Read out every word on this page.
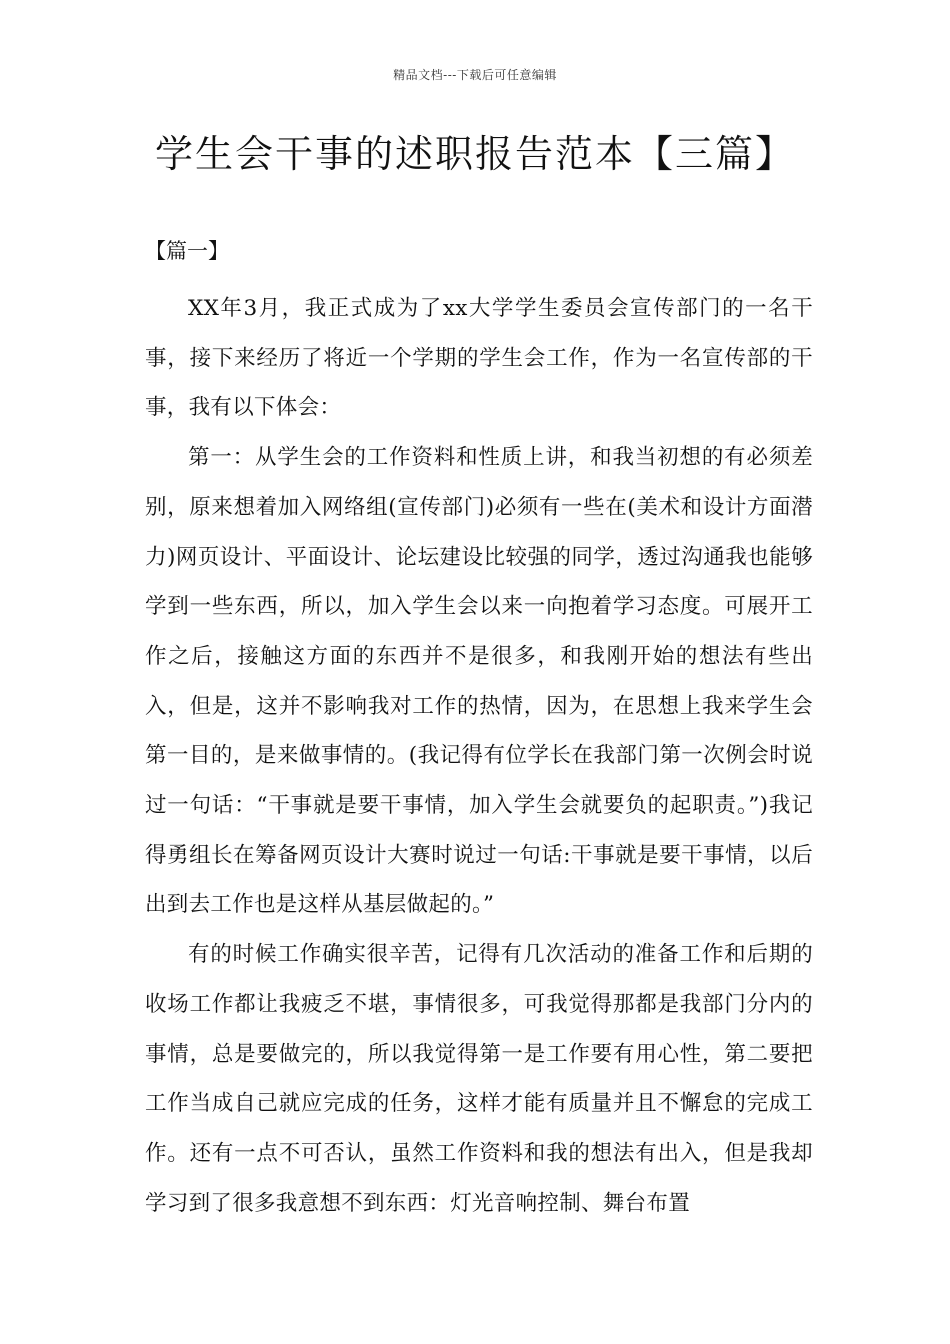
精品文档---下载后可任意编辑
学生会干事的述职报告范本【三篇】
【篇一】

XX年3月，我正式成为了xx大学学生委员会宣传部门的一名干事，接下来经历了将近一个学期的学生会工作，作为一名宣传部的干事，我有以下体会：

第一：从学生会的工作资料和性质上讲，和我当初想的有必须差别，原来想着加入网络组(宣传部门)必须有一些在(美术和设计方面潜力)网页设计、平面设计、论坛建设比较强的同学，透过沟通我也能够学到一些东西，所以，加入学生会以来一向抱着学习态度。可展开工作之后，接触这方面的东西并不是很多，和我刚开始的想法有些出入，但是，这并不影响我对工作的热情，因为，在思想上我来学生会第一目的，是来做事情的。(我记得有位学长在我部门第一次例会时说过一句话：“干事就是要干事情，加入学生会就要负的起职责。”)我记得勇组长在筹备网页设计大赛时说过一句话:干事就是要干事情，以后出到去工作也是这样从基层做起的。”

有的时候工作确实很辛苦，记得有几次活动的准备工作和后期的收场工作都让我疲乏不堪，事情很多，可我觉得那都是我部门分内的事情，总是要做完的，所以我觉得第一是工作要有用心性，第二要把工作当成自己就应完成的任务，这样才能有质量并且不懈怠的完成工作。还有一点不可否认，虽然工作资料和我的想法有出入，但是我却学习到了很多我意想不到东西：灯光音响控制、舞台布置
